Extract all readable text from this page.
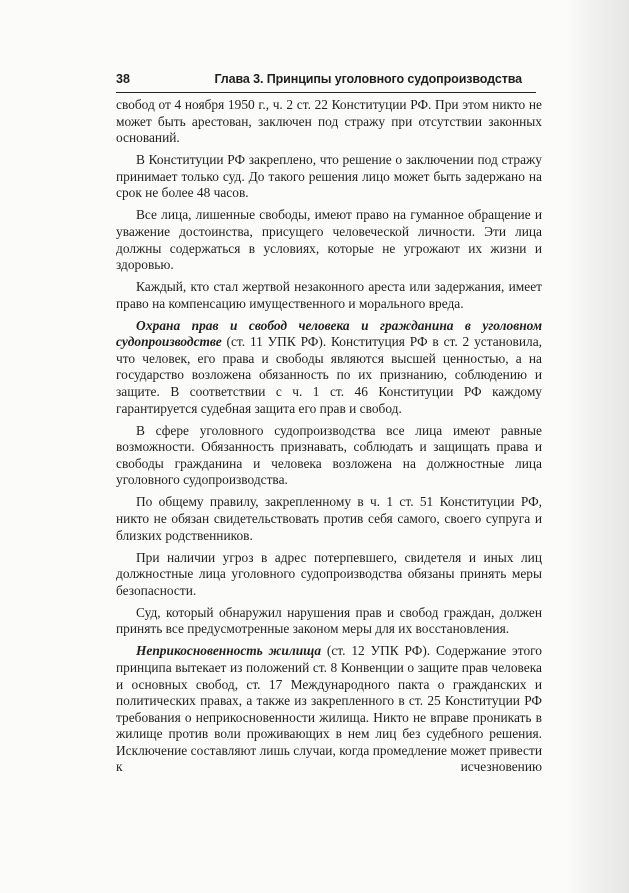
38	Глава 3. Принципы уголовного судопроизводства

свобод от 4 ноября 1950 г., ч. 2 ст. 22 Конституции РФ. При этом никто не может быть арестован, заключен под стражу при отсутствии законных оснований.

В Конституции РФ закреплено, что решение о заключении под стражу принимает только суд. До такого решения лицо может быть задержано на срок не более 48 часов.

Все лица, лишенные свободы, имеют право на гуманное обращение и уважение достоинства, присущего человеческой личности. Эти лица должны содержаться в условиях, которые не угрожают их жизни и здоровью.

Каждый, кто стал жертвой незаконного ареста или задержания, имеет право на компенсацию имущественного и морального вреда.

Охрана прав и свобод человека и гражданина в уголовном судопроизводстве (ст. 11 УПК РФ). Конституция РФ в ст. 2 установила, что человек, его права и свободы являются высшей ценностью, а на государство возложена обязанность по их признанию, соблюдению и защите. В соответствии с ч. 1 ст. 46 Конституции РФ каждому гарантируется судебная защита его прав и свобод.

В сфере уголовного судопроизводства все лица имеют равные возможности. Обязанность признавать, соблюдать и защищать права и свободы гражданина и человека возложена на должностные лица уголовного судопроизводства.

По общему правилу, закрепленному в ч. 1 ст. 51 Конституции РФ, никто не обязан свидетельствовать против себя самого, своего супруга и близких родственников.

При наличии угроз в адрес потерпевшего, свидетеля и иных лиц должностные лица уголовного судопроизводства обязаны принять меры безопасности.

Суд, который обнаружил нарушения прав и свобод граждан, должен принять все предусмотренные законом меры для их восстановления.

Неприкосновенность жилища (ст. 12 УПК РФ). Содержание этого принципа вытекает из положений ст. 8 Конвенции о защите прав человека и основных свобод, ст. 17 Международного пакта о гражданских и политических правах, а также из закрепленного в ст. 25 Конституции РФ требования о неприкосновенности жилища. Никто не вправе проникать в жилище против воли проживающих в нем лиц без судебного решения. Исключение составляют лишь случаи, когда промедление может привести к исчезновению
